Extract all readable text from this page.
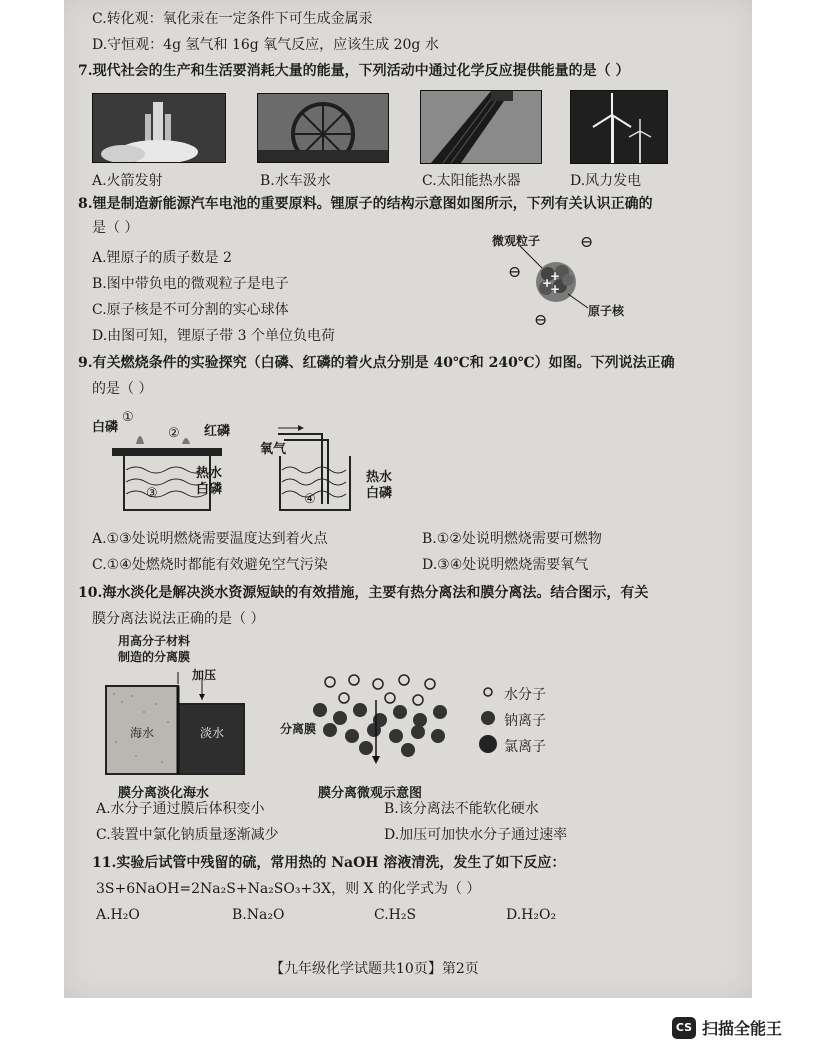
C.转化观：氧化汞在一定条件下可生成金属汞
D.守恒观：4g 氢气和 16g 氧气反应，应该生成 20g 水
7.现代社会的生产和生活要消耗大量的能量，下列活动中通过化学反应提供能量的是（ ）
A.火箭发射	B.水车汲水	C.太阳能热水器	D.风力发电
8.锂是制造新能源汽车电池的重要原料。锂原子的结构示意图如图所示，下列有关认识正确的
是（ ）
A.锂原子的质子数是 2
B.图中带负电的微观粒子是电子
C.原子核是不可分割的实心球体
D.由图可知，锂原子带 3 个单位负电荷
微观粒子
原子核
⊖
⊖
⊖
+
+
+
9.有关燃烧条件的实验探究（白磷、红磷的着火点分别是 40℃和 240℃）如图。下列说法正确
的是（ ）
白磷	红磷
①
②
③
热水
白磷
氧气
④
热水
白磷
A.①③处说明燃烧需要温度达到着火点	B.①②处说明燃烧需要可燃物
C.①④处燃烧时都能有效避免空气污染	D.③④处说明燃烧需要氧气
10.海水淡化是解决淡水资源短缺的有效措施，主要有热分离法和膜分离法。结合图示，有关
膜分离法说法正确的是（ ）
用高分子材料
制造的分离膜
加压
海水	淡水
膜分离淡化海水
分离膜
膜分离微观示意图
水分子
钠离子
氯离子
A.水分子通过膜后体积变小	B.该分离法不能软化硬水
C.装置中氯化钠质量逐渐减少	D.加压可加快水分子通过速率
11.实验后试管中残留的硫，常用热的 NaOH 溶液清洗，发生了如下反应：
3S+6NaOH=2Na₂S+Na₂SO₃+3X，则 X 的化学式为（ ）
A.H₂O	B.Na₂O	C.H₂S	D.H₂O₂
【九年级化学试题共10页】第2页
CS 扫描全能王
